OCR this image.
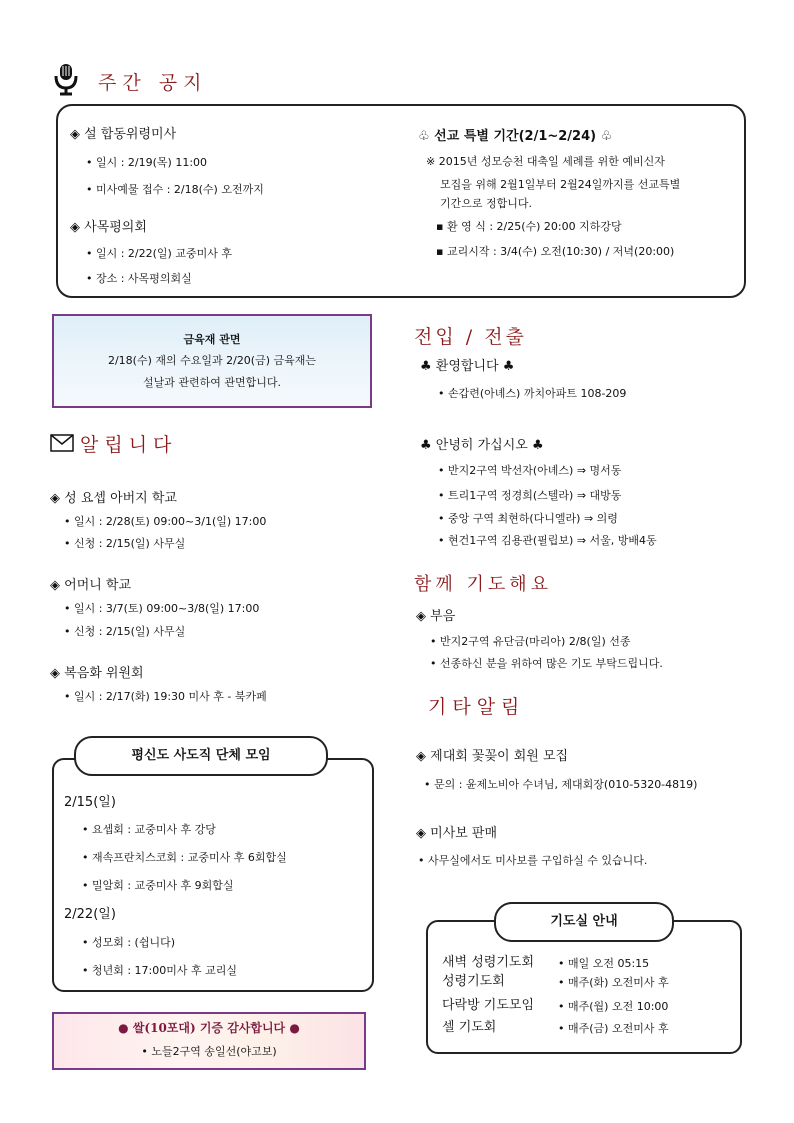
주간 공지
◈ 설 합동위령미사
• 일시 : 2/19(목) 11:00
• 미사예물 접수 : 2/18(수) 오전까지
◈ 사목평의회
• 일시 : 2/22(일) 교중미사 후
• 장소 : 사목평의회실
♧ 선교 특별 기간(2/1~2/24) ♧
※ 2015년 성모승천 대축일 세례를 위한 예비신자
모집을 위해 2월1일부터 2월24일까지를 선교특별
기간으로 정합니다.
▪ 환 영 식 : 2/25(수) 20:00 지하강당
▪ 교리시작 : 3/4(수) 오전(10:30) / 저녁(20:00)
금육재 관면
2/18(수) 재의 수요일과 2/20(금) 금육재는
설날과 관련하여 관면합니다.
전입 / 전출
♣ 환영합니다 ♣
• 손갑련(아녜스) 까치아파트 108-209
♣ 안녕히 가십시오 ♣
• 반지2구역 박선자(아녜스) ⇒ 명서동
• 트리1구역 정경희(스텔라) ⇒ 대방동
• 중앙 구역 최현하(다니엘라) ⇒ 의령
• 현건1구역 김용관(필립보) ⇒ 서울, 방배4동
알립니다
◈ 성 요셉 아버지 학교
• 일시 : 2/28(토) 09:00~3/1(일) 17:00
• 신청 : 2/15(일) 사무실
◈ 어머니 학교
• 일시 : 3/7(토) 09:00~3/8(일) 17:00
• 신청 : 2/15(일) 사무실
◈ 복음화 위원회
• 일시 : 2/17(화) 19:30 미사 후 - 북카페
함께 기도해요
◈ 부음
• 반지2구역 유단금(마리아) 2/8(일) 선종
• 선종하신 분을 위하여 많은 기도 부탁드립니다.
평신도 사도직 단체 모임
2/15(일)
• 요셉회 : 교중미사 후 강당
• 재속프란치스코회 : 교중미사 후 6회합실
• 밀알회 : 교중미사 후 9회합실
2/22(일)
• 성모회 : (쉽니다)
• 청년회 : 17:00미사 후 교리실
기타알림
◈ 제대회 꽃꽂이 회원 모집
• 문의 : 윤제노비아 수녀님, 제대회장(010-5320-4819)
◈ 미사보 판매
• 사무실에서도 미사보를 구입하실 수 있습니다.
● 쌀(10포대) 기증 감사합니다 ●
• 노들2구역 송일선(야고보)
기도실 안내
새벽 성령기도회 • 매일 오전 05:15
성령기도회	• 매주(화) 오전미사 후
다락방 기도모임 • 매주(월) 오전 10:00
셀 기도회	• 매주(금) 오전미사 후
